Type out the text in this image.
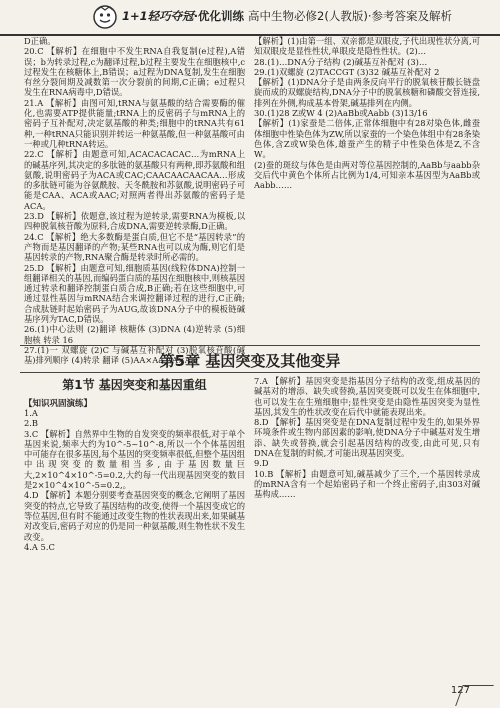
1+1轻巧夺冠·优化训练 高中生物必修2(人教版)·参考答案及解析

D正确。

20.C 【解析】在细胞中不发生RNA自我复制(e过程),A错误；b为转录过程,c为翻译过程,b过程主要发生在细胞核中,c过程发生在核糖体上,B错误；a过程为DNA复制,发生在细胞有丝分裂间期及减数第一次分裂前的间期,C正确；e过程只发生在RNA病毒中,D错误。

21.A 【解析】由图可知,tRNA与氨基酸的结合需要酶的催化,也需要ATP提供能量;tRNA上的反密码子与mRNA上的密码子互补配对,决定氨基酸的种类;细胞中的tRNA共有61种,一种tRNA只能识别并转运一种氨基酸,但一种氨基酸可由一种或几种tRNA转运。

22.C 【解析】由题意可知,ACACACACAC…为mRNA上的碱基序列,其决定的多肽链的氨基酸只有两种,即苏氨酸和组氨酸,说明密码子为ACA或CAC;CAACAACAACAA…形成的多肽链可能为谷氨酰胺、天冬酰胺和苏氨酸,说明密码子可能是CAA、ACA或AAC;对照两者得出苏氨酸的密码子是ACA。

23.D 【解析】依题意,该过程为逆转录,需要RNA为模板,以四种脱氧核苷酸为原料,合成DNA,需要逆转录酶,D正确。

24.C 【解析】绝大多数酶是蛋白质,但它不是“基因转录”的产物而是基因翻译的产物;某些RNA也可以成为酶,则它们是基因转录的产物,RNA聚合酶是转录时所必需的。

25.D 【解析】由题意可知,细胞质基因(线粒体DNA)控制一组翻译相关的基因,而编码蛋白质的基因在细胞核中,则核基因通过转录和翻译控制蛋白质合成,B正确;若在这些细胞中,可通过显性基因与mRNA结合来调控翻译过程的进行,C正确;合成肽链时起始密码子为AUG,故该DNA分子中的模板链碱基序列为TAC,D错误。

26.(1)中心法则 (2)翻译 核糖体 (3)DNA (4)逆转录 (5)细胞核 转录 16

27.(1)一 双螺旋 (2)C 与碱基互补配对 (3)脱氧核苷酸(碱基)排列顺序 (4)转录 翻译 (5)AA×Aa AA×Aa

【解析】(1)由第一组、双亲都是双眼皮,子代出现性状分离,可知双眼皮是显性性状,单眼皮是隐性性状。(2)…

28.(1)…DNA分子结构 (2)碱基互补配对 (3)…

29.(1)双螺旋 (2)TACCGT (3)32 碱基互补配对 2

【解析】(1)DNA分子是由两条反向平行的脱氧核苷酸长链盘旋而成的双螺旋结构,DNA分子中的脱氧核糖和磷酸交替连接,排列在外侧,构成基本骨架,碱基排列在内侧。

30.(1)28 Z或W 4 (2)AaBb或Aabb (3)13/16

【解析】(1)家蚕是二倍体,正常体细胞中有28对染色体,雌蚕体细胞中性染色体为ZW,所以家蚕的一个染色体组中有28条染色体,含Z或W染色体,雄蚕产生的精子中性染色体是Z,不含W。

(2)蚕的斑纹与体色是由两对等位基因控制的,AaBb与aabb杂交后代中黄色个体所占比例为1/4,可知亲本基因型为AaBb或Aabb……

第5章 基因突变及其他变异
第1节 基因突变和基因重组
【知识巩固演练】

1.A

2.B

3.C 【解析】自然界中生物的自发突变的频率很低,对于单个基因来说,频率大约为10^-5~10^-8,所以一个个体基因组中可能存在很多基因,每个基因的突变频率很低,但整个基因组中出现突变的数量相当多,由于基因数量巨大,2×10^4×10^-5=0.2,大约每一代出现基因突变的数目是2×10^4×10^-5=0.2,。

4.D 【解析】本题分别要考查基因突变的概念,它阐明了基因突变的特点,它导致了基因结构的改变,使得一个基因变成它的等位基因,但有时不能通过改变生物的性状表现出来,如果碱基对改变后,密码子对应的仍是同一种氨基酸,则生物性状不发生改变。

4.A 5.C

7.A 【解析】基因突变是指基因分子结构的改变,组成基因的碱基对的增添、缺失或替换,基因突变既可以发生在体细胞中,也可以发生在生殖细胞中;显性突变是由隐性基因突变为显性基因,其发生的性状改变在后代中就能表现出来。

8.D 【解析】基因突变是在DNA复制过程中发生的,如果外界环境条件或生物内部因素的影响,使DNA分子中碱基对发生增添、缺失或替换,就会引起基因结构的改变,由此可见,只有DNA在复制的时候,才可能出现基因突变。

9.D

10.B 【解析】由题意可知,碱基减少了三个,一个基因转录成的mRNA含有一个起始密码子和一个终止密码子,由303对碱基构成……

127
